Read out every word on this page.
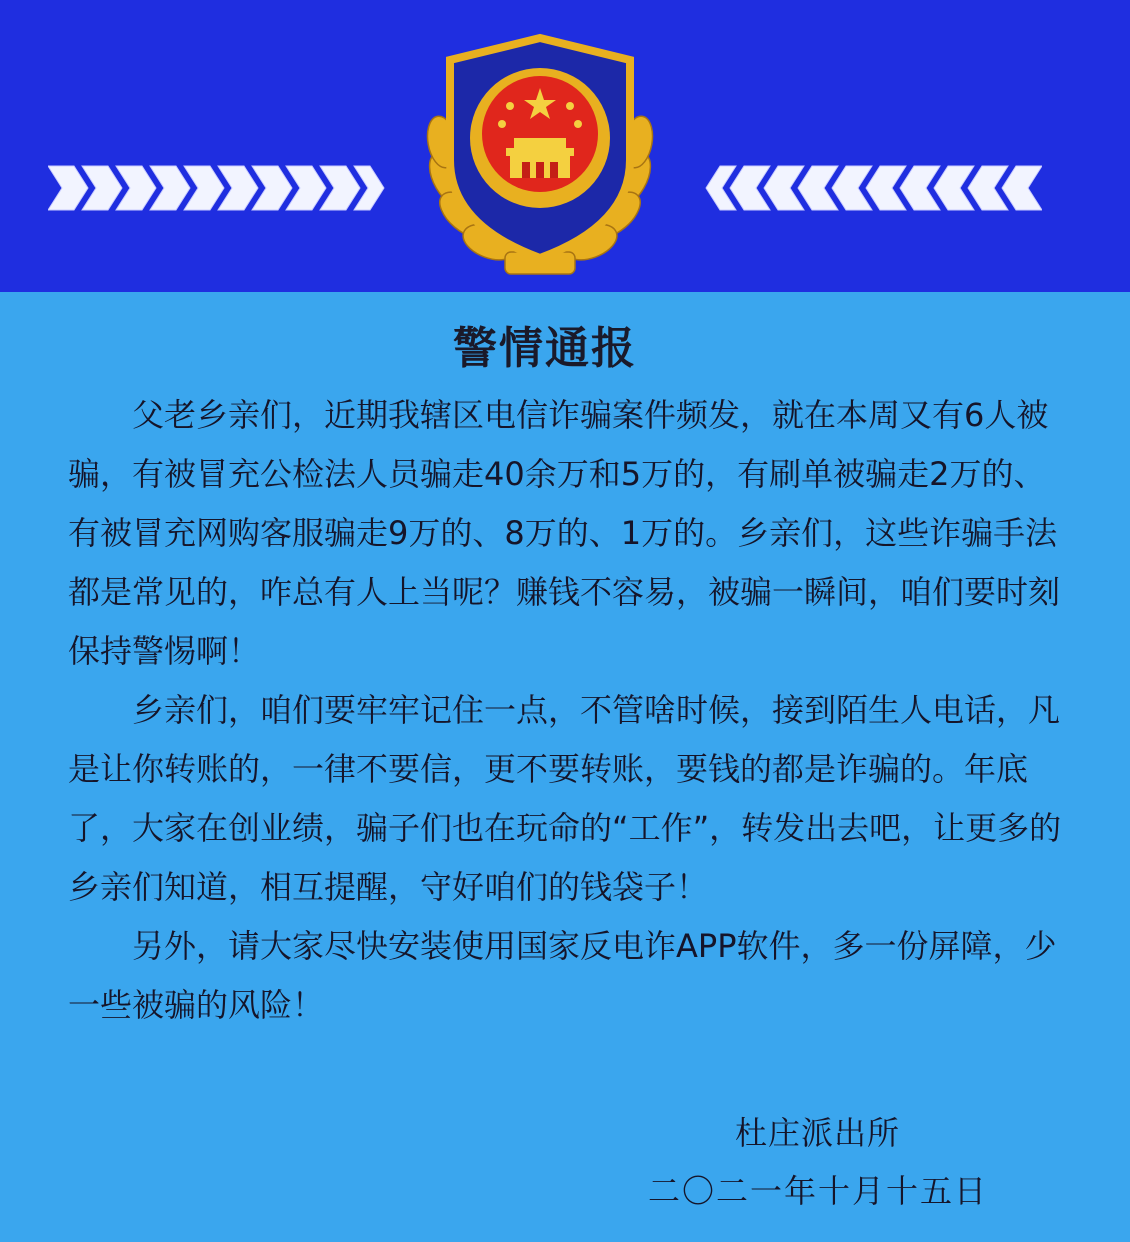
警情通报

父老乡亲们，近期我辖区电信诈骗案件频发，就在本周又有6人被骗，有被冒充公检法人员骗走40余万和5万的，有刷单被骗走2万的、有被冒充网购客服骗走9万的、8万的、1万的。乡亲们，这些诈骗手法都是常见的，咋总有人上当呢？赚钱不容易，被骗一瞬间，咱们要时刻保持警惕啊！

乡亲们，咱们要牢牢记住一点，不管啥时候，接到陌生人电话，凡是让你转账的，一律不要信，更不要转账，要钱的都是诈骗的。年底了，大家在创业绩，骗子们也在玩命的“工作”，转发出去吧，让更多的乡亲们知道，相互提醒，守好咱们的钱袋子！

另外，请大家尽快安装使用国家反电诈APP软件，多一份屏障，少一些被骗的风险！

杜庄派出所
二〇二一年十月十五日
